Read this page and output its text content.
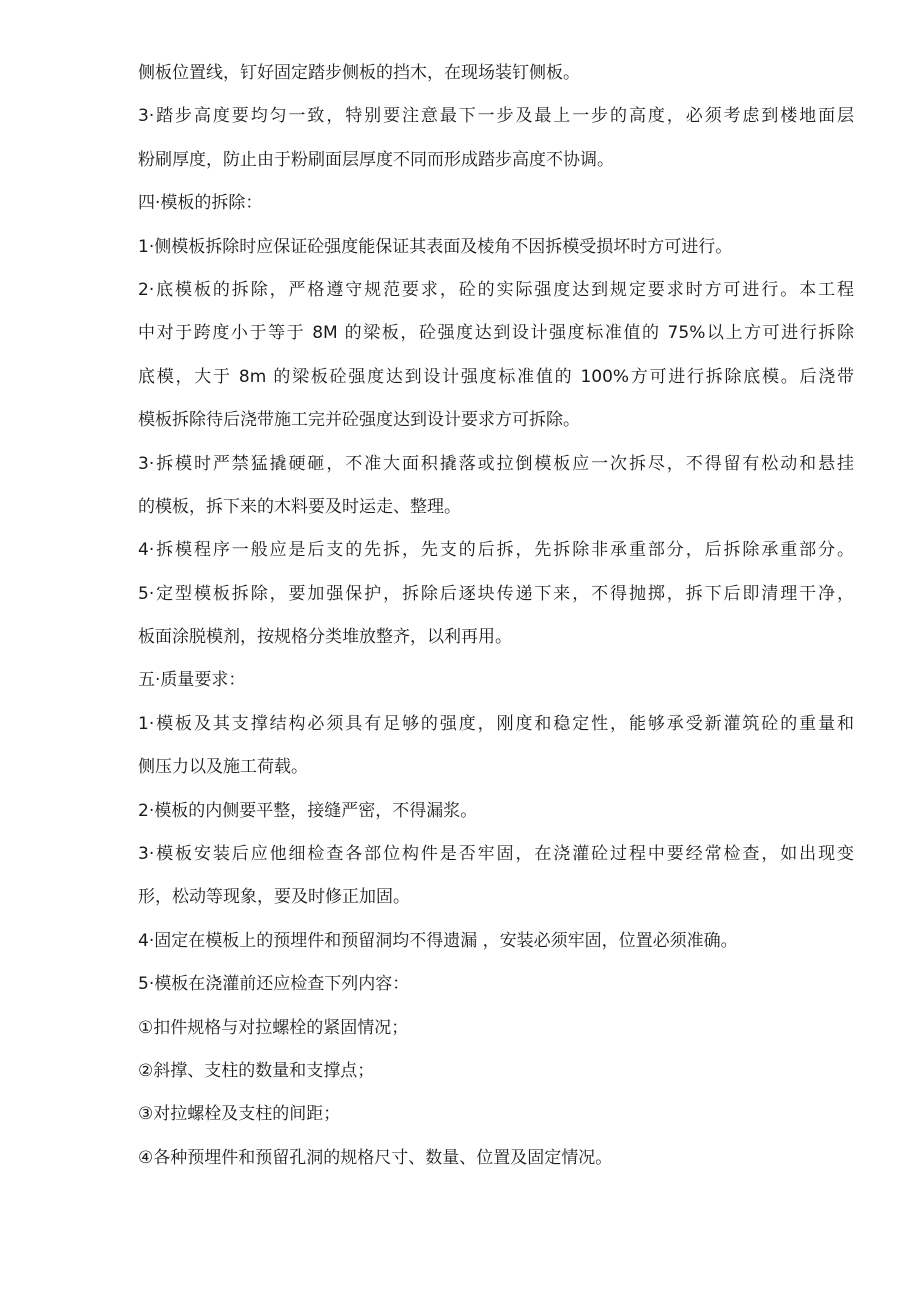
侧板位置线，钉好固定踏步侧板的挡木，在现场装钉侧板。
3·踏步高度要均匀一致，特别要注意最下一步及最上一步的高度，必须考虑到楼地面层
粉刷厚度，防止由于粉刷面层厚度不同而形成踏步高度不协调。
四·模板的拆除：
1·侧模板拆除时应保证砼强度能保证其表面及棱角不因拆模受损坏时方可进行。
2·底模板的拆除，严格遵守规范要求，砼的实际强度达到规定要求时方可进行。本工程
中对于跨度小于等于 8M 的梁板，砼强度达到设计强度标准值的 75%以上方可进行拆除
底模，大于 8m 的梁板砼强度达到设计强度标准值的 100%方可进行拆除底模。后浇带
模板拆除待后浇带施工完并砼强度达到设计要求方可拆除。
3·拆模时严禁猛撬硬砸，不准大面积撬落或拉倒模板应一次拆尽，不得留有松动和悬挂
的模板，拆下来的木料要及时运走、整理。
4·拆模程序一般应是后支的先拆，先支的后拆，先拆除非承重部分，后拆除承重部分。
5·定型模板拆除，要加强保护，拆除后逐块传递下来，不得抛掷，拆下后即清理干净，
板面涂脱模剂，按规格分类堆放整齐，以利再用。
五·质量要求：
1·模板及其支撑结构必须具有足够的强度，刚度和稳定性，能够承受新灌筑砼的重量和
侧压力以及施工荷载。
2·模板的内侧要平整，接缝严密，不得漏浆。
3·模板安装后应他细检查各部位构件是否牢固，在浇灌砼过程中要经常检查，如出现变
形，松动等现象，要及时修正加固。
4·固定在模板上的预埋件和预留洞均不得遗漏 ，安装必须牢固，位置必须准确。
5·模板在浇灌前还应检查下列内容：
①扣件规格与对拉螺栓的紧固情况；
②斜撑、支柱的数量和支撑点；
③对拉螺栓及支柱的间距；
④各种预埋件和预留孔洞的规格尺寸、数量、位置及固定情况。
